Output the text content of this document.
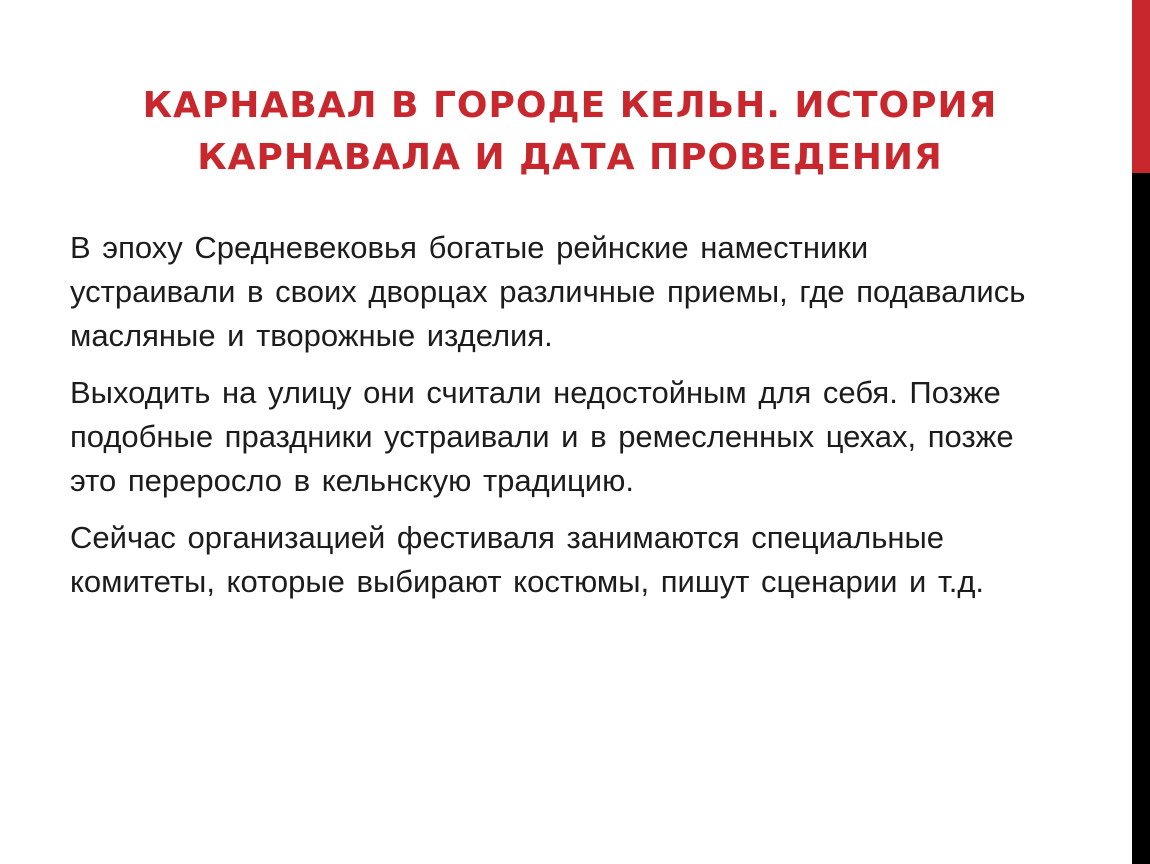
КАРНАВАЛ В ГОРОДЕ КЕЛЬН. ИСТОРИЯ
КАРНАВАЛА И ДАТА ПРОВЕДЕНИЯ

В эпоху Средневековья богатые рейнские наместники устраивали в своих дворцах различные приемы, где подавались масляные и творожные изделия.

Выходить на улицу они считали недостойным для себя. Позже подобные праздники устраивали и в ремесленных цехах, позже это переросло в кельнскую традицию.

Сейчас организацией фестиваля занимаются специальные комитеты, которые выбирают костюмы, пишут сценарии и т.д.
